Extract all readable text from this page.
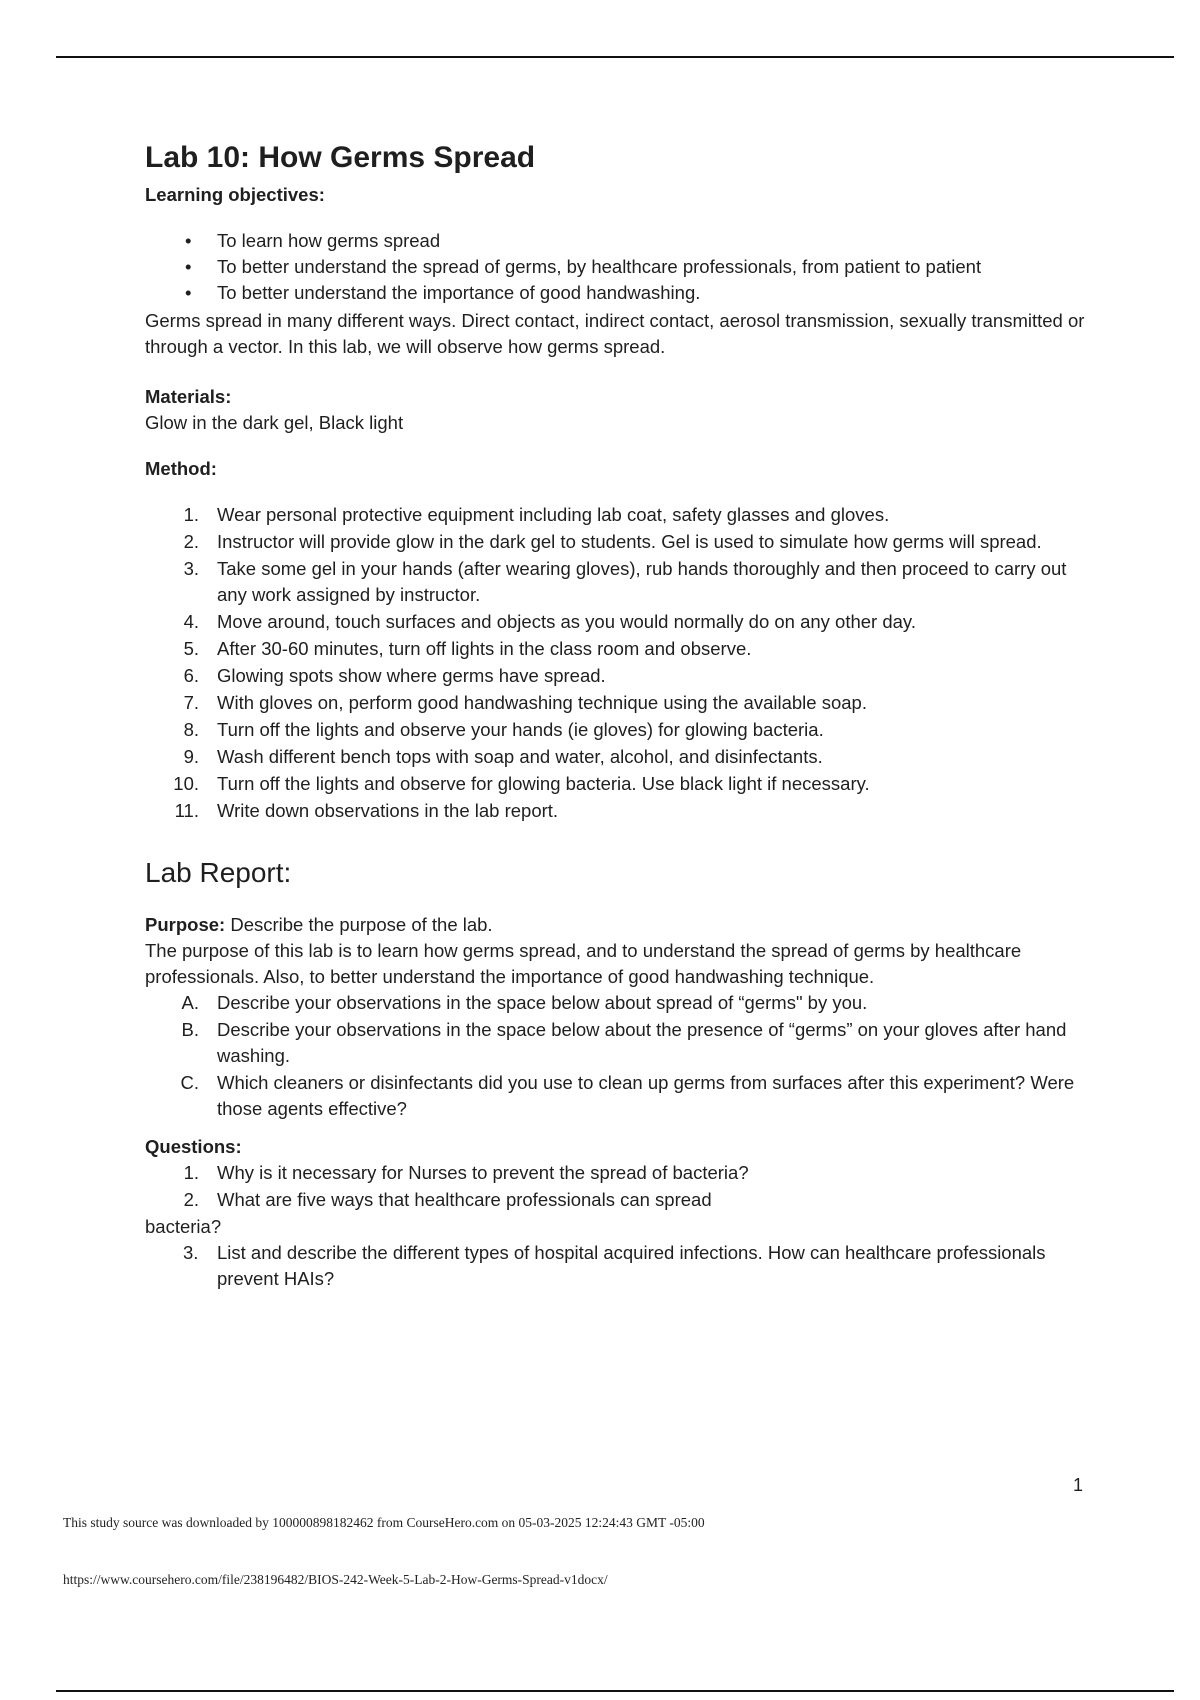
Lab 10: How Germs Spread

Learning objectives:

• To learn how germs spread
• To better understand the spread of germs, by healthcare professionals, from patient to patient
• To better understand the importance of good handwashing.

Germs spread in many different ways. Direct contact, indirect contact, aerosol transmission, sexually transmitted or through a vector. In this lab, we will observe how germs spread.

Materials:

Glow in the dark gel, Black light

Method:

1. Wear personal protective equipment including lab coat, safety glasses and gloves.
2. Instructor will provide glow in the dark gel to students. Gel is used to simulate how germs will spread.
3. Take some gel in your hands (after wearing gloves), rub hands thoroughly and then proceed to carry out any work assigned by instructor.
4. Move around, touch surfaces and objects as you would normally do on any other day.
5. After 30-60 minutes, turn off lights in the class room and observe.
6. Glowing spots show where germs have spread.
7. With gloves on, perform good handwashing technique using the available soap.
8. Turn off the lights and observe your hands (ie gloves) for glowing bacteria.
9. Wash different bench tops with soap and water, alcohol, and disinfectants.
10. Turn off the lights and observe for glowing bacteria. Use black light if necessary.
11. Write down observations in the lab report.
Lab Report:

Purpose: Describe the purpose of the lab.

The purpose of this lab is to learn how germs spread, and to understand the spread of germs by healthcare professionals. Also, to better understand the importance of good handwashing technique.

A. Describe your observations in the space below about spread of “germs" by you.
B. Describe your observations in the space below about the presence of “germs” on your gloves after hand washing.
C. Which cleaners or disinfectants did you use to clean up germs from surfaces after this experiment? Were those agents effective?

Questions:

1. Why is it necessary for Nurses to prevent the spread of bacteria?
2. What are five ways that healthcare professionals can spread

bacteria?

3. List and describe the different types of hospital acquired infections. How can healthcare professionals prevent HAIs?

1
This study source was downloaded by 100000898182462 from CourseHero.com on 05-03-2025 12:24:43 GMT -05:00
https://www.coursehero.com/file/238196482/BIOS-242-Week-5-Lab-2-How-Germs-Spread-v1docx/
